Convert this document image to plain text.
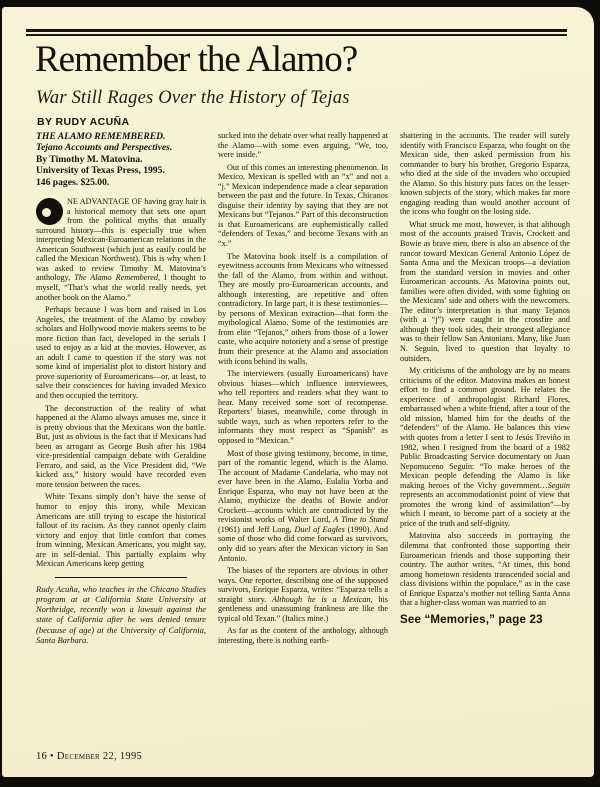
Remember the Alamo?
War Still Rages Over the History of Tejas
BY RUDY ACUÑA
THE ALAMO REMEMBERED.
Tejano Accounts and Perspectives.
By Timothy M. Matovina.
University of Texas Press, 1995.
146 pages. $25.00.

NE ADVANTAGE OF having gray hair is a historical memory that sets one apart from the political myths that usually surround history—this is especially true when interpreting Mexican-Euroamerican relations in the American Southwest (which just as easily could be called the Mexican Northwest). This is why when I was asked to review Timothy M. Matovina’s anthology, The Alamo Remembered, I thought to myself, “That’s what the world really needs, yet another book on the Alamo.”

Perhaps because I was born and raised in Los Angeles, the treatment of the Alamo by cowboy scholars and Hollywood movie makers seems to be more fiction than fact, developed in the serials I used to enjoy as a kid at the movies. However, as an adult I came to question if the story was not some kind of imperialist plot to distort history and prove superiority of Euroamericans—or, at least, to salve their consciences for having invaded Mexico and then occupied the territory.

The deconstruction of the reality of what happened at the Alamo always amuses me, since it is pretty obvious that the Mexicans won the battle. But, just as obvious is the fact that if Mexicans had been as arrogant as George Bush after his 1984 vice-presidential campaign debate with Geraldine Ferraro, and said, as the Vice President did, “We kicked ass,” history would have recorded even more tension between the races.

White Texans simply don’t have the sense of humor to enjoy this irony, while Mexican Americans are still trying to escape the historical fallout of its racism. As they cannot openly claim victory and enjoy that little comfort that comes from winning, Mexican Americans, you might say, are in self-denial. This partially explains why Mexican Americans keep getting

Rudy Acuña, who teaches in the Chicano Studies program at at California State University at Northridge, recently won a lawsuit against the state of California after he was denied tenure (because of age) at the University of California, Santa Barbara.

sucked into the debate over what really happened at the Alamo—with some even arguing, “We, too, were inside.”

Out of this comes an interesting phenomenon. In Mexico, Mexican is spelled with an “x” and not a “j.” Mexican independence made a clear separation between the past and the future. In Texas, Chicanos disguise their identity by saying that they are not Mexicans but “Tejanos.” Part of this deconstruction is that Euroamericans are euphemistically called “defenders of Texas,” and become Texans with an “x.”

The Matovina book itself is a compilation of eyewitness accounts from Mexicans who witnessed the fall of the Alamo, from within and without. They are mostly pro-Euroamerican accounts, and although interesting, are repetitive and often contradictory. In large part, it is these testimonies—by persons of Mexican extraction—that form the mythological Alamo. Some of the testimonies are from elite “Tejanos,” others from those of a lower caste, who acquire notoriety and a sense of prestige from their presence at the Alamo and association with icons behind its walls.

The interviewers (usually Euroamericans) have obvious biases—which influence interviewees, who tell reporters and readers what they want to hear. Many received some sort of recompense. Reporters’ biases, meanwhile, come through in subtle ways, such as when reporters refer to the informants they most respect as “Spanish” as opposed to “Mexican.”

Most of those giving testimony, become, in time, part of the romantic legend, which is the Alamo. The account of Madame Candelaria, who may not ever have been in the Alamo, Eulalia Yorba and Enrique Esparza, who may not have been at the Alamo, mythicize the deaths of Bowie and/or Crockett—accounts which are contradicted by the revisionist works of Walter Lord, A Time to Stand (1961) and Jeff Long, Duel of Eagles (1990). And some of those who did come forward as survivors, only did so years after the Mexican victory in San Antonio.

The biases of the reporters are obvious in other ways. One reporter, describing one of the supposed survivors, Enrique Esparza, writes: “Esparza tells a straight story. Although he is a Mexican, his gentleness and unassuming frankness are like the typical old Texan.” (Italics mine.)

As far as the content of the anthology, although interesting, there is nothing earth-

shattering in the accounts. The reader will surely identify with Francisco Esparza, who fought on the Mexican side, then asked permission from his commander to bury his brother, Gregorio Esparza, who died at the side of the invaders who occupied the Alamo. So this history puts faces on the lesser-known subjects of the story, which makes far more engaging reading than would another account of the icons who fought on the losing side.

What struck me most, however, is that although most of the accounts praised Travis, Crockett and Bowie as brave men, there is also an absence of the rancor toward Mexican General Antonio López de Santa Anna and the Mexican troops—a deviation from the standard version in movies and other Euroamerican accounts. As Matovina points out, families were often divided, with some fighting on the Mexicans’ side and others with the newcomers. The editor’s interpretation is that many Tejanos (with a “j”) were caught in the crossfire and although they took sides, their strongest allegiance was to their fellow San Antonians. Many, like Juan N. Seguin, lived to question that loyalty to outsiders.

My criticisms of the anthology are by no means criticisms of the editor. Matovina makes an honest effort to find a common ground. He relates the experience of anthropologist Richard Flores, embarrassed when a white friend, after a tour of the old mission, blamed him for the deaths of the “defenders” of the Alamo. He balances this view with quotes from a letter I sent to Jesús Treviño in 1982, when I resigned from the board of a 1982 Public Broadcasting Service documentary on Juan Nepomuceno Seguín: “To make heroes of the Mexican people defending the Alamo is like making heroes of the Vichy government…Seguin represents an accommodationist point of view that promotes the wrong kind of assimilation”—by which I meant, to become part of a society at the price of the truth and self-dignity.

Matovina also succeeds in portraying the dilemma that confronted those supporting their Euroamerican friends and those supporting their country. The author writes, “At times, this bond among hometown residents transcended social and class divisions within the populace,” as in the case of Enrique Esparza’s mother not telling Santa Anna that a higher-class woman was married to an

See “Memories,” page 23
16 • December 22, 1995
